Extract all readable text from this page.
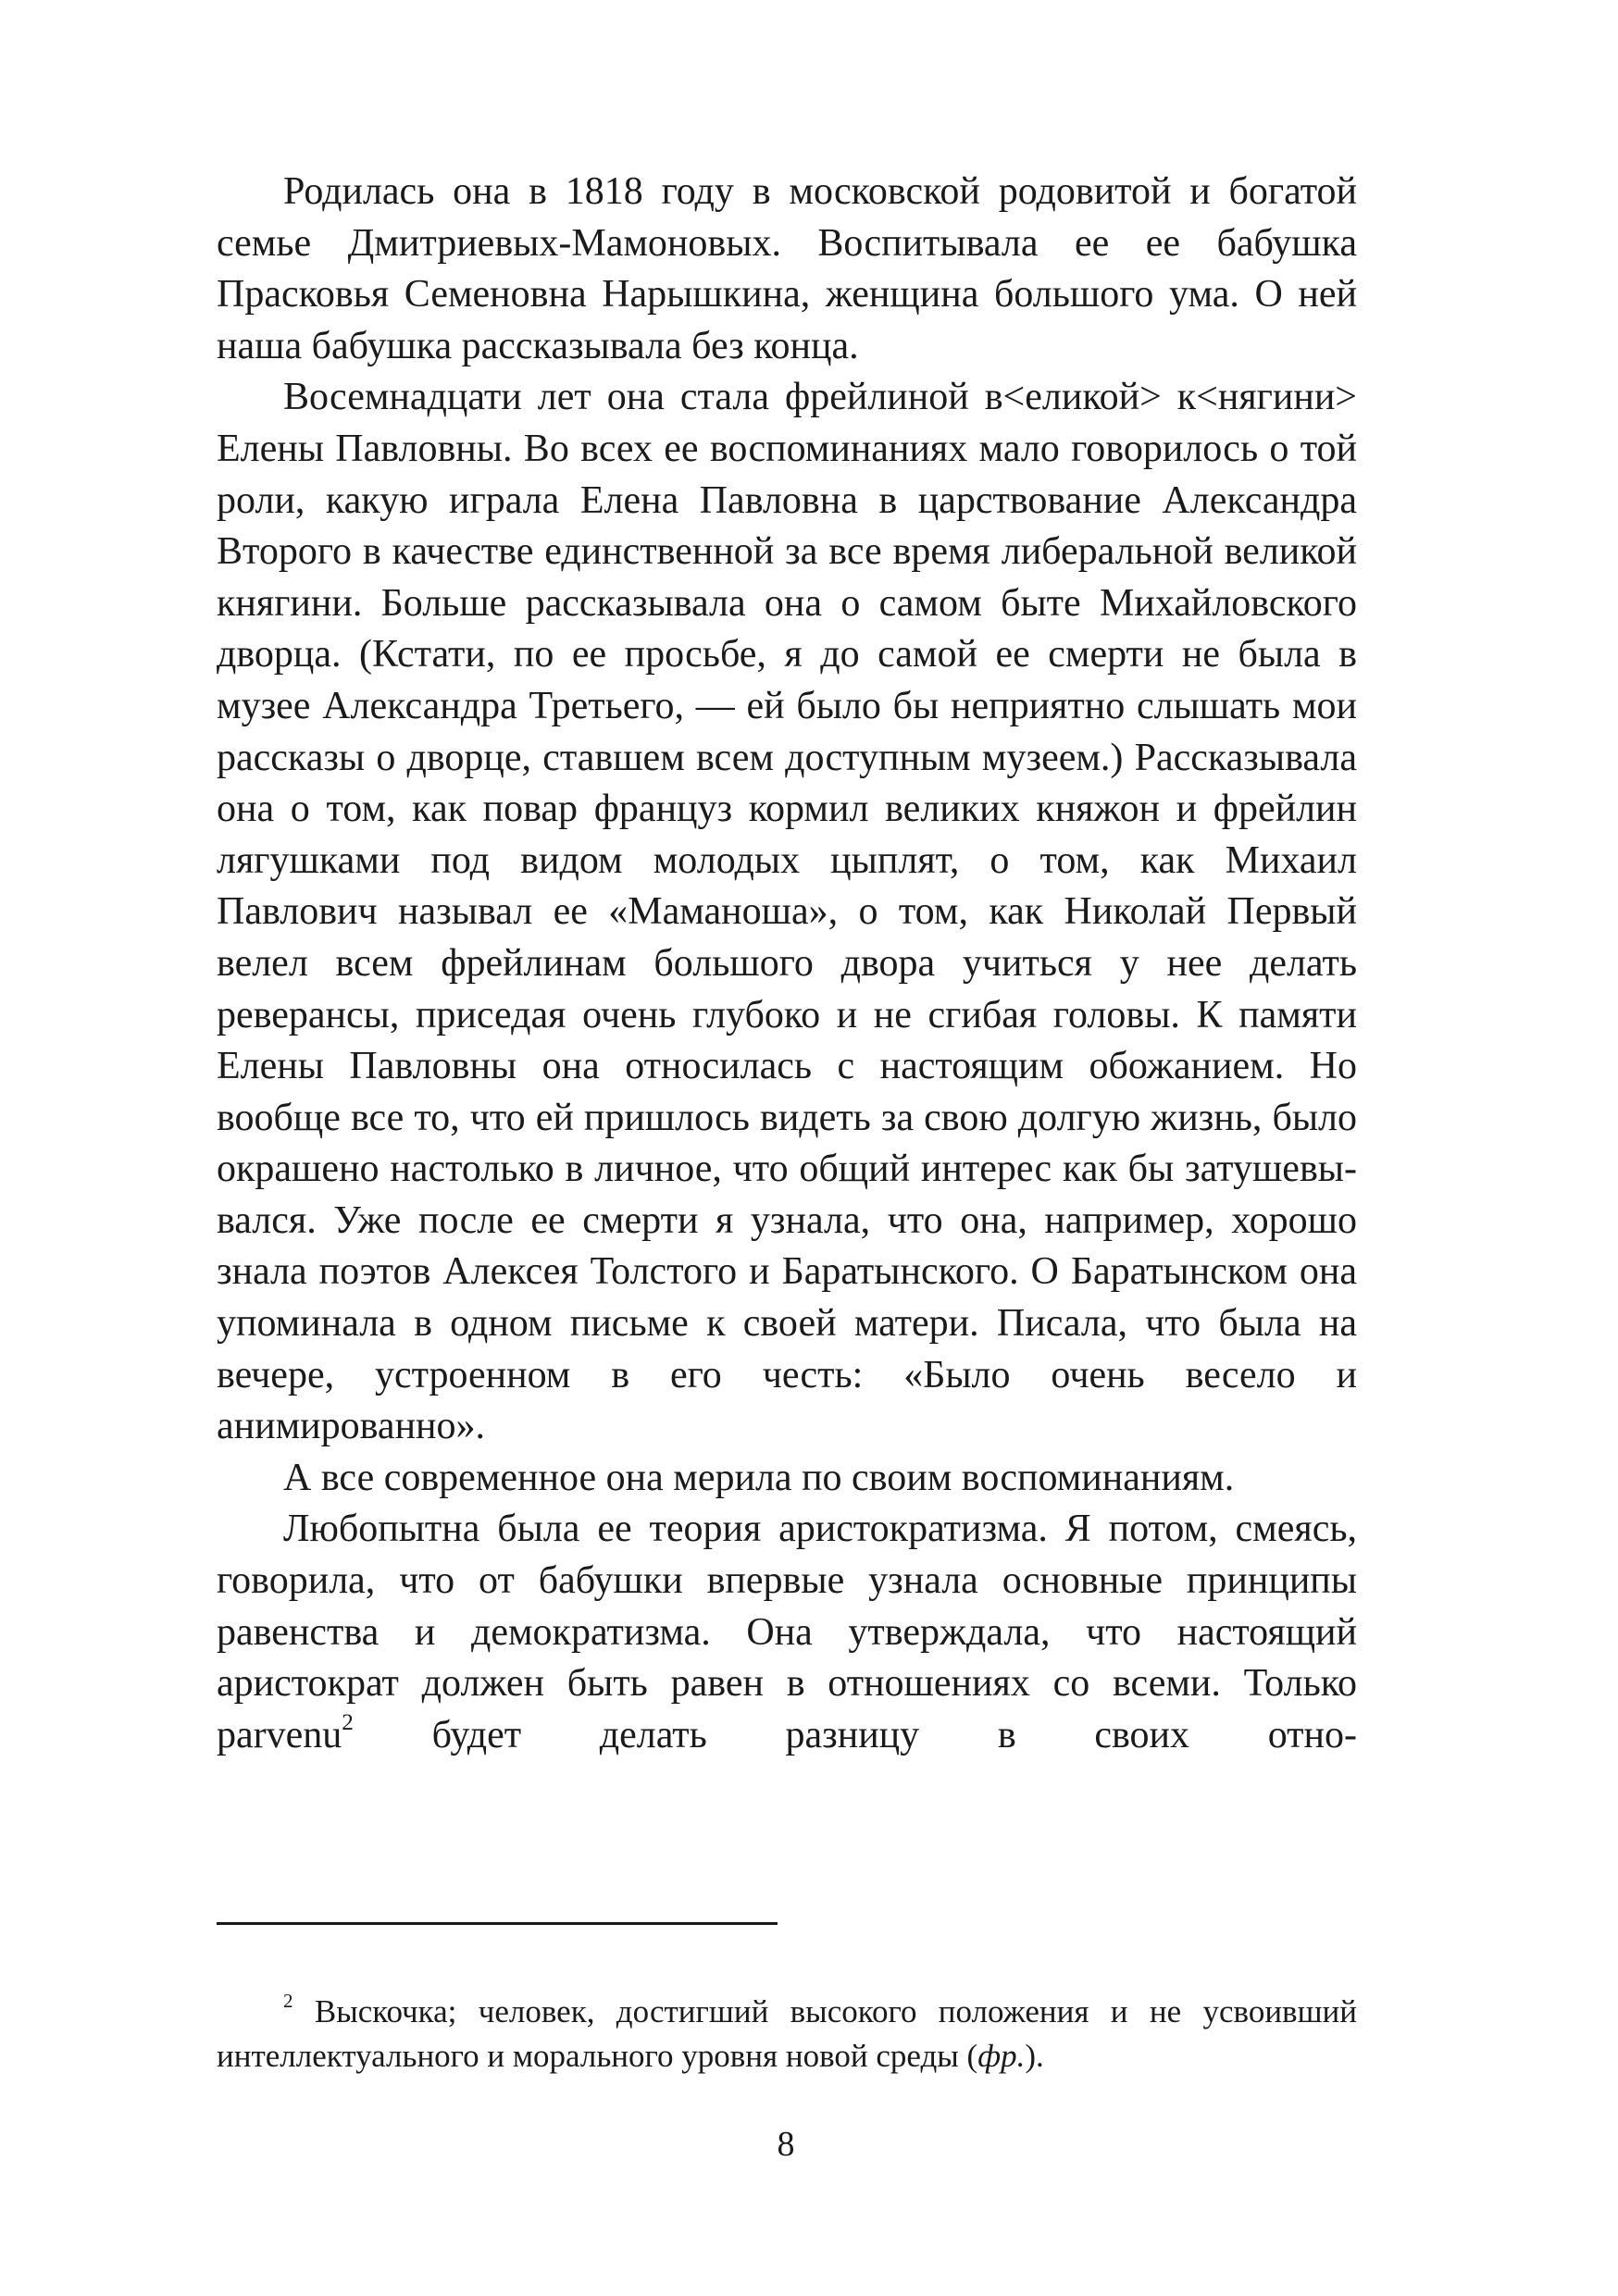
Родилась она в 1818 году в московской родовитой и богатой семье Дмитриевых-Мамоновых. Воспитывала ее ее бабушка Прасковья Семеновна Нарышкина, женщина большого ума. О ней наша бабушка рассказывала без конца.

Восемнадцати лет она стала фрейлиной в<еликой> к<нягини> Елены Павловны. Во всех ее воспоминаниях мало говорилось о той роли, какую играла Елена Павловна в царствование Александра Второго в качестве единственной за все время либеральной великой княгини. Больше рассказывала она о самом быте Михайловского дворца. (Кстати, по ее просьбе, я до самой ее смерти не была в музее Александра Третьего, — ей было бы неприятно слышать мои рассказы о дворце, ставшем всем доступным музеем.) Рассказывала она о том, как повар француз кормил великих княжон и фрейлин лягушками под видом молодых цыплят, о том, как Михаил Павлович называл ее «Маманоша», о том, как Николай Первый велел всем фрейлинам большого двора учиться у нее делать реверансы, приседая очень глубоко и не сгибая головы. К памяти Елены Павловны она относилась с настоящим обожанием. Но вообще все то, что ей пришлось видеть за свою долгую жизнь, было окрашено настолько в личное, что общий интерес как бы затушевывался. Уже после ее смерти я узнала, что она, например, хорошо знала поэтов Алексея Толстого и Баратынского. О Баратынском она упоминала в одном письме к своей матери. Писала, что была на вечере, устроенном в его честь: «Было очень весело и анимированно».

А все современное она мерила по своим воспоминаниям.

Любопытна была ее теория аристократизма. Я потом, смеясь, говорила, что от бабушки впервые узнала основные принципы равенства и демократизма. Она утверждала, что настоящий аристократ должен быть равен в отношениях со всеми. Только parvenu$^2$ будет делать разницу в своих отно-

$^2$ Выскочка; человек, достигший высокого положения и не усвоивший интеллектуального и морального уровня новой среды (фр.).
8
